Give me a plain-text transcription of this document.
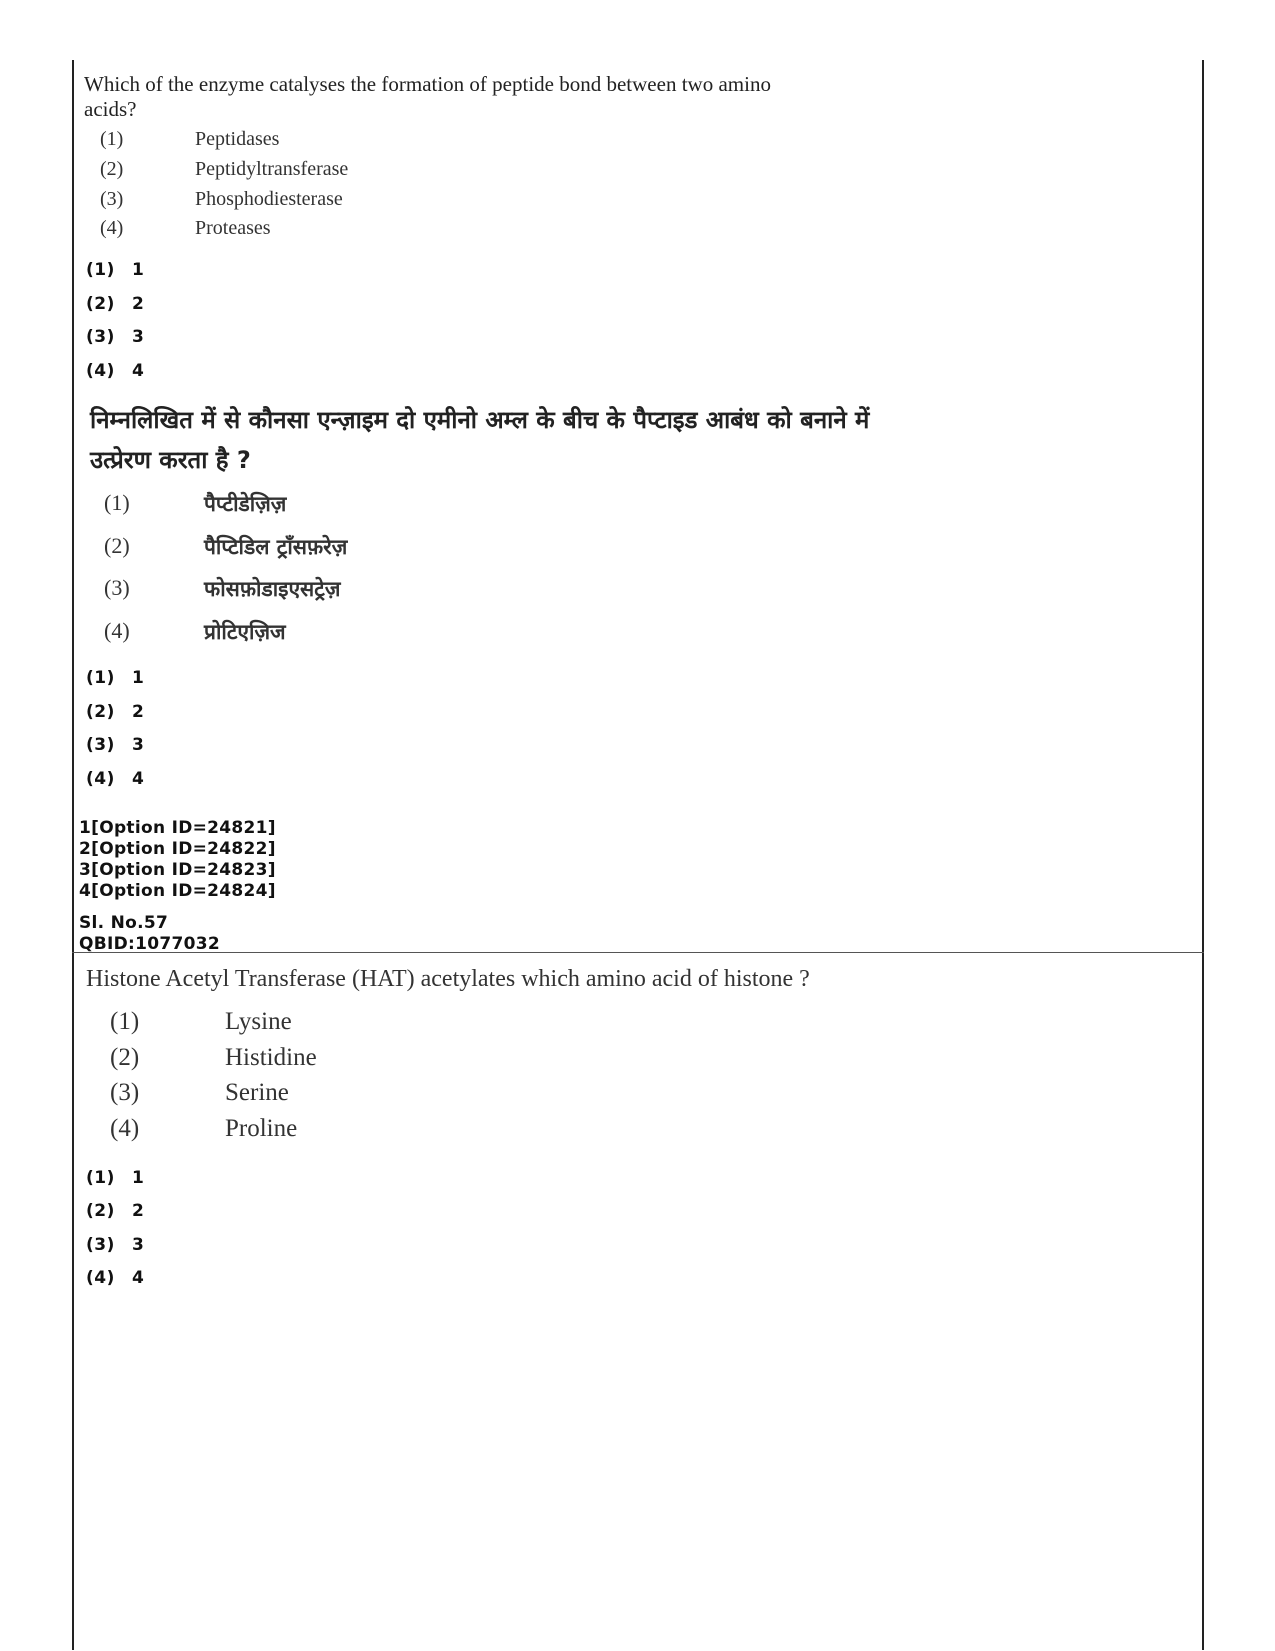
Which of the enzyme catalyses the formation of peptide bond between two amino acids?

(1)	Peptidases
(2)	Peptidyltransferase
(3)	Phosphodiesterase
(4)	Proteases
(1) 1
(2) 2
(3) 3
(4) 4

निम्नलिखित में से कौनसा एन्ज़ाइम दो एमीनो अम्ल के बीच के पैप्टाइड आबंध को बनाने में उत्प्रेरण करता है ?

(1)	पैप्टीडेज़िज़
(2)	पैप्टिडिल ट्राँसफ़रेज़
(3)	फोसफ़ोडाइएसट्रेज़
(4)	प्रोटिएज़िज
(1) 1
(2) 2
(3) 3
(4) 4
1[Option ID=24821]
2[Option ID=24822]
3[Option ID=24823]
4[Option ID=24824]
Sl. No.57
QBID:1077032

Histone Acetyl Transferase (HAT) acetylates which amino acid of histone ?

(1)	Lysine
(2)	Histidine
(3)	Serine
(4)	Proline
(1) 1
(2) 2
(3) 3
(4) 4
